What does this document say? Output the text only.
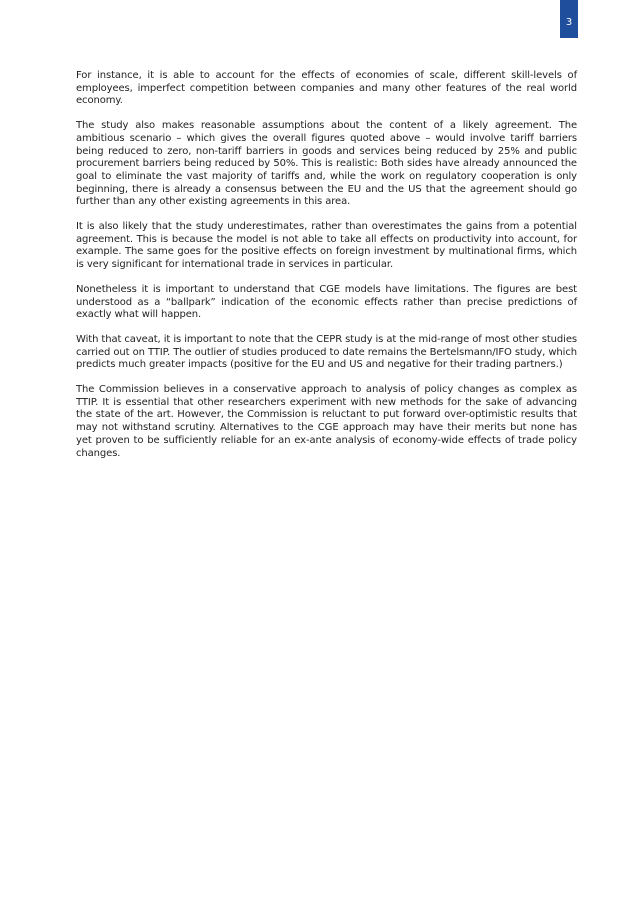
3

For instance, it is able to account for the effects of economies of scale, different skill-levels of employees, imperfect competition between companies and many other features of the real world economy.

The study also makes reasonable assumptions about the content of a likely agreement. The ambitious scenario – which gives the overall figures quoted above – would involve tariff barriers being reduced to zero, non-tariff barriers in goods and services being reduced by 25% and public procurement barriers being reduced by 50%. This is realistic: Both sides have already announced the goal to eliminate the vast majority of tariffs and, while the work on regulatory cooperation is only beginning, there is already a consensus between the EU and the US that the agreement should go further than any other existing agreements in this area.

It is also likely that the study underestimates, rather than overestimates the gains from a potential agreement. This is because the model is not able to take all effects on productivity into account, for example. The same goes for the positive effects on foreign investment by multinational firms, which is very significant for international trade in services in particular.

Nonetheless it is important to understand that CGE models have limitations. The figures are best understood as a “ballpark” indication of the economic effects rather than precise predictions of exactly what will happen.

With that caveat, it is important to note that the CEPR study is at the mid-range of most other studies carried out on TTIP. The outlier of studies produced to date remains the Bertelsmann/IFO study, which predicts much greater impacts (positive for the EU and US and negative for their trading partners.)

The Commission believes in a conservative approach to analysis of policy changes as complex as TTIP. It is essential that other researchers experiment with new methods for the sake of advancing the state of the art. However, the Commission is reluctant to put forward over-optimistic results that may not withstand scrutiny. Alternatives to the CGE approach may have their merits but none has yet proven to be sufficiently reliable for an ex-ante analysis of economy-wide effects of trade policy changes.
